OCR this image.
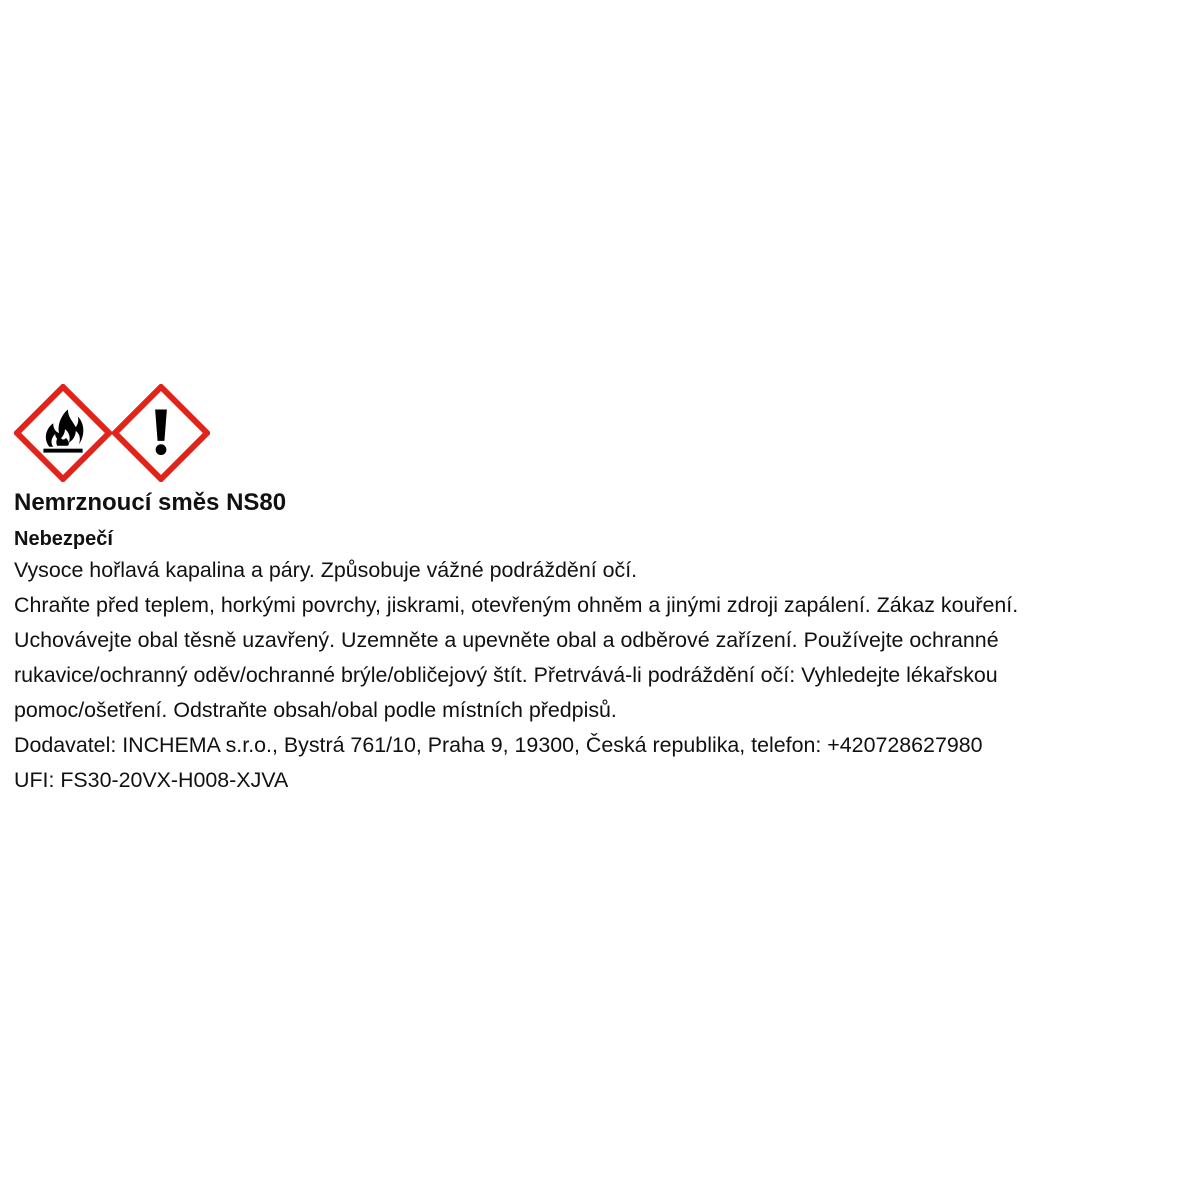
Nemrznoucí směs NS80
Nebezpečí
Vysoce hořlavá kapalina a páry. Způsobuje vážné podráždění očí.
Chraňte před teplem, horkými povrchy, jiskrami, otevřeným ohněm a jinými zdroji zapálení. Zákaz kouření.
Uchovávejte obal těsně uzavřený. Uzemněte a upevněte obal a odběrové zařízení. Používejte ochranné
rukavice/ochranný oděv/ochranné brýle/obličejový štít. Přetrvává-li podráždění očí: Vyhledejte lékařskou
pomoc/ošetření. Odstraňte obsah/obal podle místních předpisů.
Dodavatel: INCHEMA s.r.o., Bystrá 761/10, Praha 9, 19300, Česká republika, telefon: +420728627980
UFI: FS30-20VX-H008-XJVA
